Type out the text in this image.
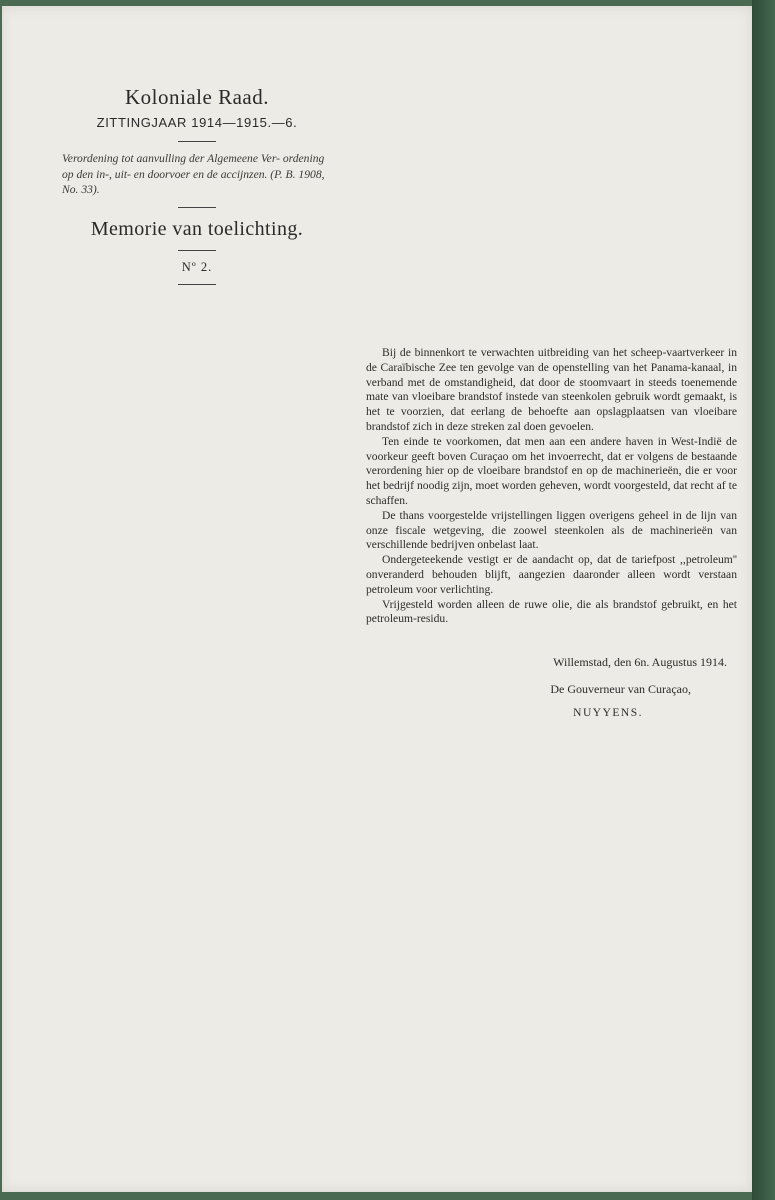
Koloniale Raad.
ZITTINGJAAR 1914—1915.—6.
Verordening tot aanvulling der Algemeene Ver- ordening op den in-, uit- en doorvoer en de accijnzen. (P. B. 1908, No. 33).
Memorie van toelichting.
Nº 2.

Bij de binnenkort te verwachten uitbreiding van het scheep-vaartverkeer in de Caraïbische Zee ten gevolge van de openstelling van het Panama-kanaal, in verband met de omstandigheid, dat door de stoomvaart in steeds toenemende mate van vloeibare brandstof instede van steenkolen gebruik wordt gemaakt, is het te voorzien, dat eerlang de behoefte aan opslagplaatsen van vloeibare brandstof zich in deze streken zal doen gevoelen.

Ten einde te voorkomen, dat men aan een andere haven in West-Indië de voorkeur geeft boven Curaçao om het invoerrecht, dat er volgens de bestaande verordening hier op de vloeibare brandstof en op de machinerieën, die er voor het bedrijf noodig zijn, moet worden geheven, wordt voorgesteld, dat recht af te schaffen.

De thans voorgestelde vrijstellingen liggen overigens geheel in de lijn van onze fiscale wetgeving, die zoowel steenkolen als de machinerieën van verschillende bedrijven onbelast laat.

Ondergeteekende vestigt er de aandacht op, dat de tariefpost ,,petroleum'' onveranderd behouden blijft, aangezien daaronder alleen wordt verstaan petroleum voor verlichting.

Vrijgesteld worden alleen de ruwe olie, die als brandstof gebruikt, en het petroleum-residu.

Willemstad, den 6n. Augustus 1914.
De Gouverneur van Curaçao,
NUYYENS.
